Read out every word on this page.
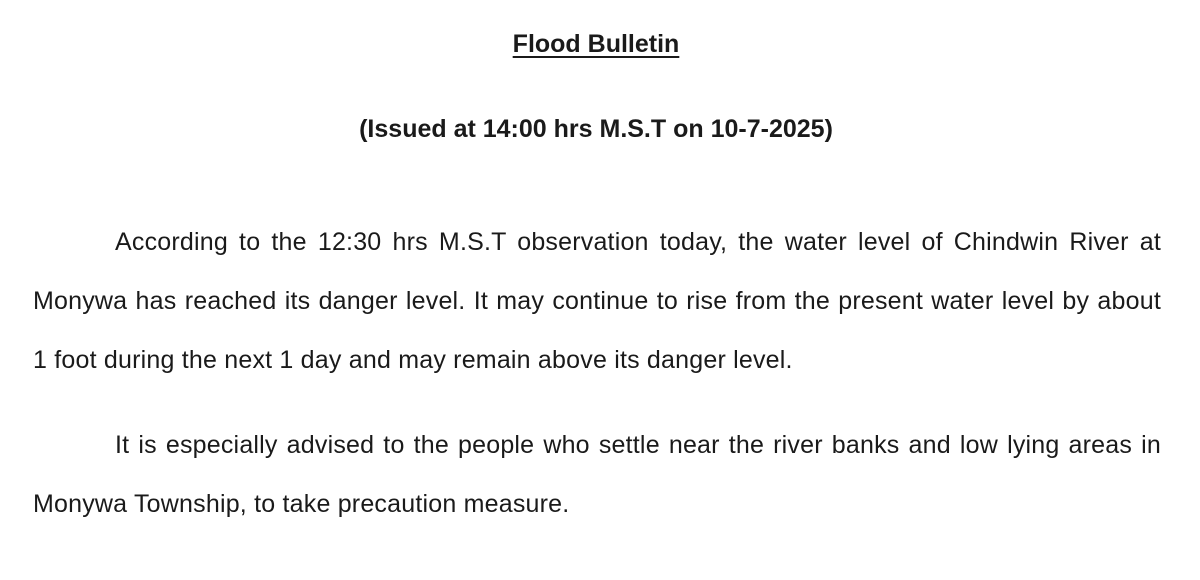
Flood Bulletin
(Issued at 14:00 hrs M.S.T on 10-7-2025)

According to the 12:30 hrs M.S.T observation today, the water level of Chindwin River at Monywa has reached its danger level. It may continue to rise from the present water level by about 1 foot during the next 1 day and may remain above its danger level.

It is especially advised to the people who settle near the river banks and low lying areas in Monywa Township, to take precaution measure.
